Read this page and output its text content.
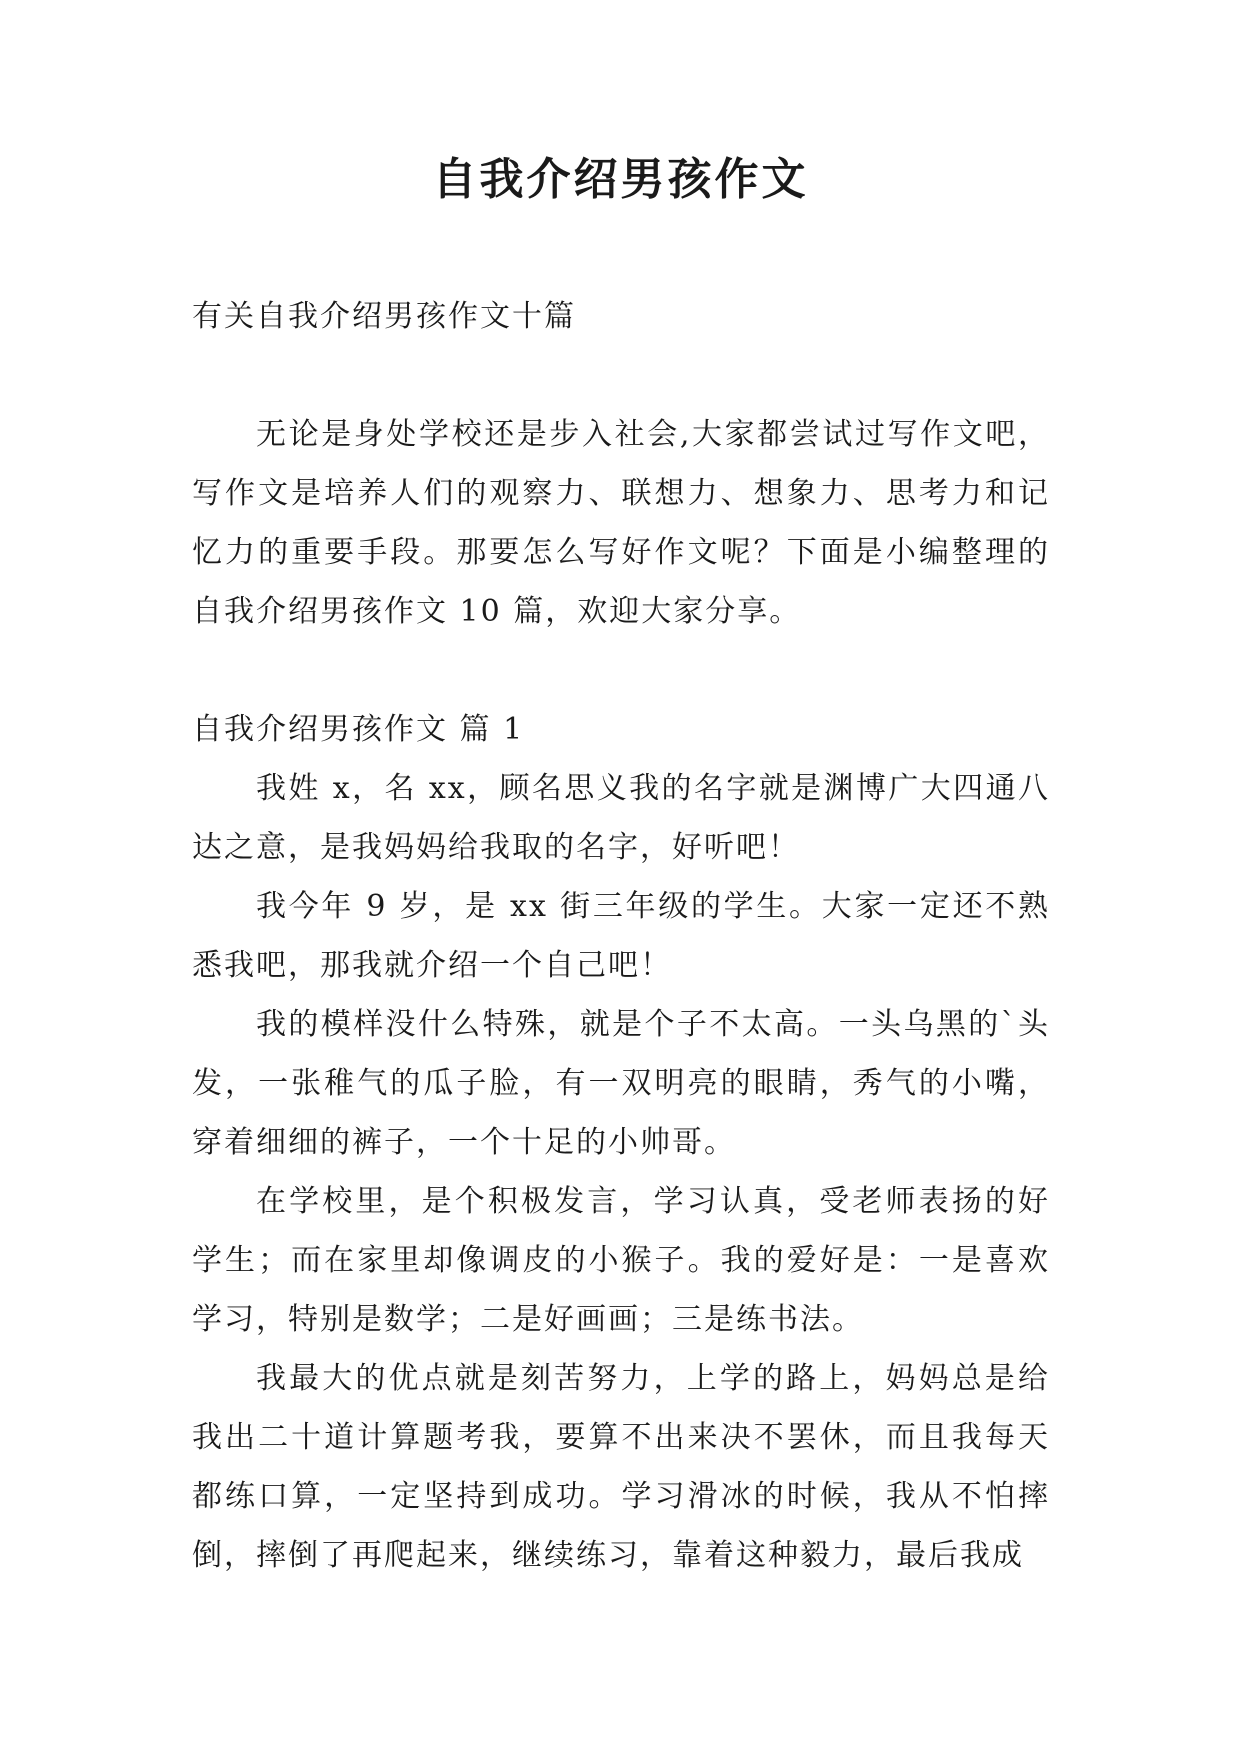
自我介绍男孩作文

有关自我介绍男孩作文十篇

无论是身处学校还是步入社会,大家都尝试过写作文吧，写作文是培养人们的观察力、联想力、想象力、思考力和记忆力的重要手段。那要怎么写好作文呢？下面是小编整理的自我介绍男孩作文 10 篇，欢迎大家分享。

自我介绍男孩作文 篇 1

我姓 x，名 xx，顾名思义我的名字就是渊博广大四通八达之意，是我妈妈给我取的名字，好听吧！

我今年 9 岁，是 xx 街三年级的学生。大家一定还不熟悉我吧，那我就介绍一个自己吧！

我的模样没什么特殊，就是个子不太高。一头乌黑的`头发，一张稚气的瓜子脸，有一双明亮的眼睛，秀气的小嘴，穿着细细的裤子，一个十足的小帅哥。

在学校里，是个积极发言，学习认真，受老师表扬的好学生；而在家里却像调皮的小猴子。我的爱好是：一是喜欢学习，特别是数学；二是好画画；三是练书法。

我最大的优点就是刻苦努力，上学的路上，妈妈总是给我出二十道计算题考我，要算不出来决不罢休，而且我每天都练口算，一定坚持到成功。学习滑冰的时候，我从不怕摔倒，摔倒了再爬起来，继续练习，靠着这种毅力，最后我成
